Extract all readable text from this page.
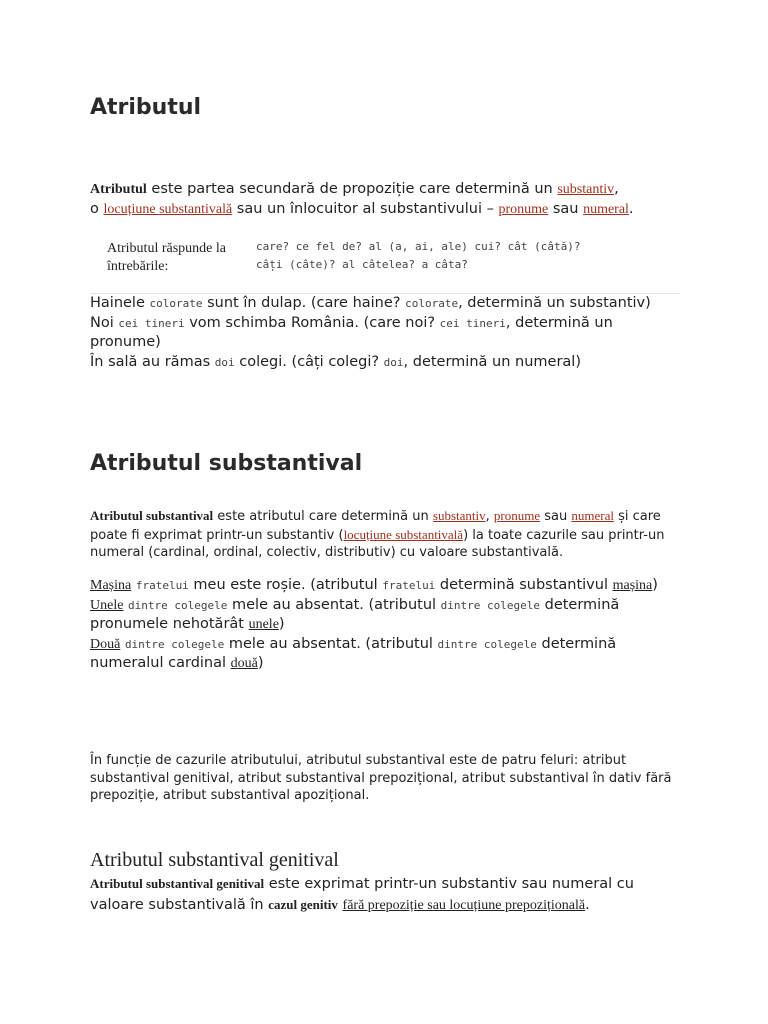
Atributul
Atributul este partea secundară de propoziție care determină un substantiv,
o locuțiune substantivală sau un înlocuitor al substantivului – pronume sau numeral.
Atributul răspunde la întrebările:
care? ce fel de? al (a, ai, ale) cui? cât (câtă)?
câți (câte)? al câtelea? a câta?
Hainele colorate sunt în dulap. (care haine? colorate, determină un substantiv)
Noi cei tineri vom schimba România. (care noi? cei tineri, determină un pronume)
În sală au rămas doi colegi. (câți colegi? doi, determină un numeral)
Atributul substantival
Atributul substantival este atributul care determină un substantiv, pronume sau numeral și care poate fi exprimat printr-un substantiv (locuțiune substantivală) la toate cazurile sau printr-un numeral (cardinal, ordinal, colectiv, distributiv) cu valoare substantivală.
Mașina fratelui meu este roșie. (atributul fratelui determină substantivul mașina)
Unele dintre colegele mele au absentat. (atributul dintre colegele determină pronumele nehotărât unele)
Două dintre colegele mele au absentat. (atributul dintre colegele determină numeralul cardinal două)
În funcție de cazurile atributului, atributul substantival este de patru feluri: atribut substantival genitival, atribut substantival prepozițional, atribut substantival în dativ fără prepoziție, atribut substantival apozițional.
Atributul substantival genitival
Atributul substantival genitival este exprimat printr-un substantiv sau numeral cu valoare substantivală în cazul genitiv fără prepoziție sau locuțiune prepozițională.
